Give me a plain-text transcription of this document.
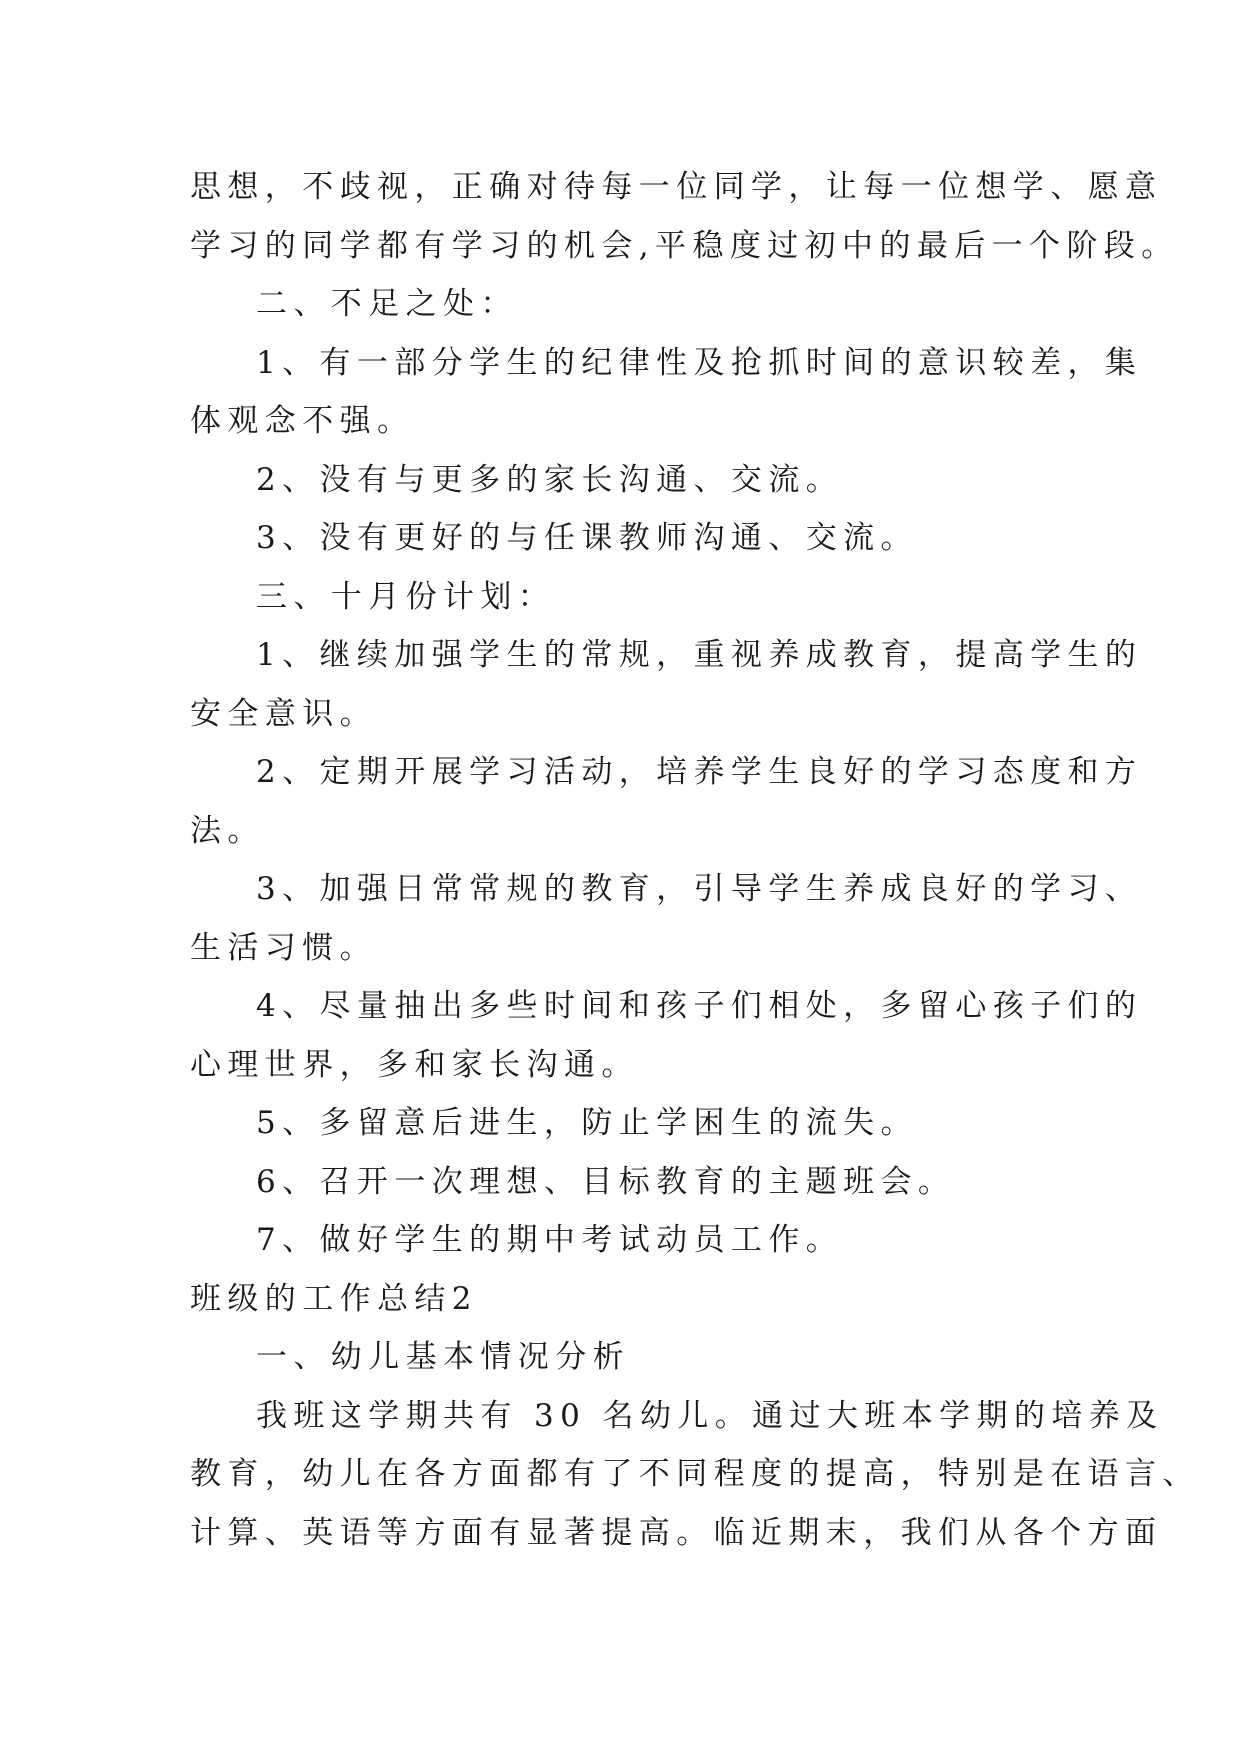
思想，不歧视，正确对待每一位同学，让每一位想学、愿意

学习的同学都有学习的机会,平稳度过初中的最后一个阶段。

二、不足之处：

1、有一部分学生的纪律性及抢抓时间的意识较差，集

体观念不强。

2、没有与更多的家长沟通、交流。

3、没有更好的与任课教师沟通、交流。

三、十月份计划：

1、继续加强学生的常规，重视养成教育，提高学生的

安全意识。

2、定期开展学习活动，培养学生良好的学习态度和方

法。

3、加强日常常规的教育，引导学生养成良好的学习、

生活习惯。

4、尽量抽出多些时间和孩子们相处，多留心孩子们的

心理世界，多和家长沟通。

5、多留意后进生，防止学困生的流失。

6、召开一次理想、目标教育的主题班会。

7、做好学生的期中考试动员工作。

班级的工作总结2

一、幼儿基本情况分析

我班这学期共有 30 名幼儿。通过大班本学期的培养及

教育，幼儿在各方面都有了不同程度的提高，特别是在语言、

计算、英语等方面有显著提高。临近期末，我们从各个方面
